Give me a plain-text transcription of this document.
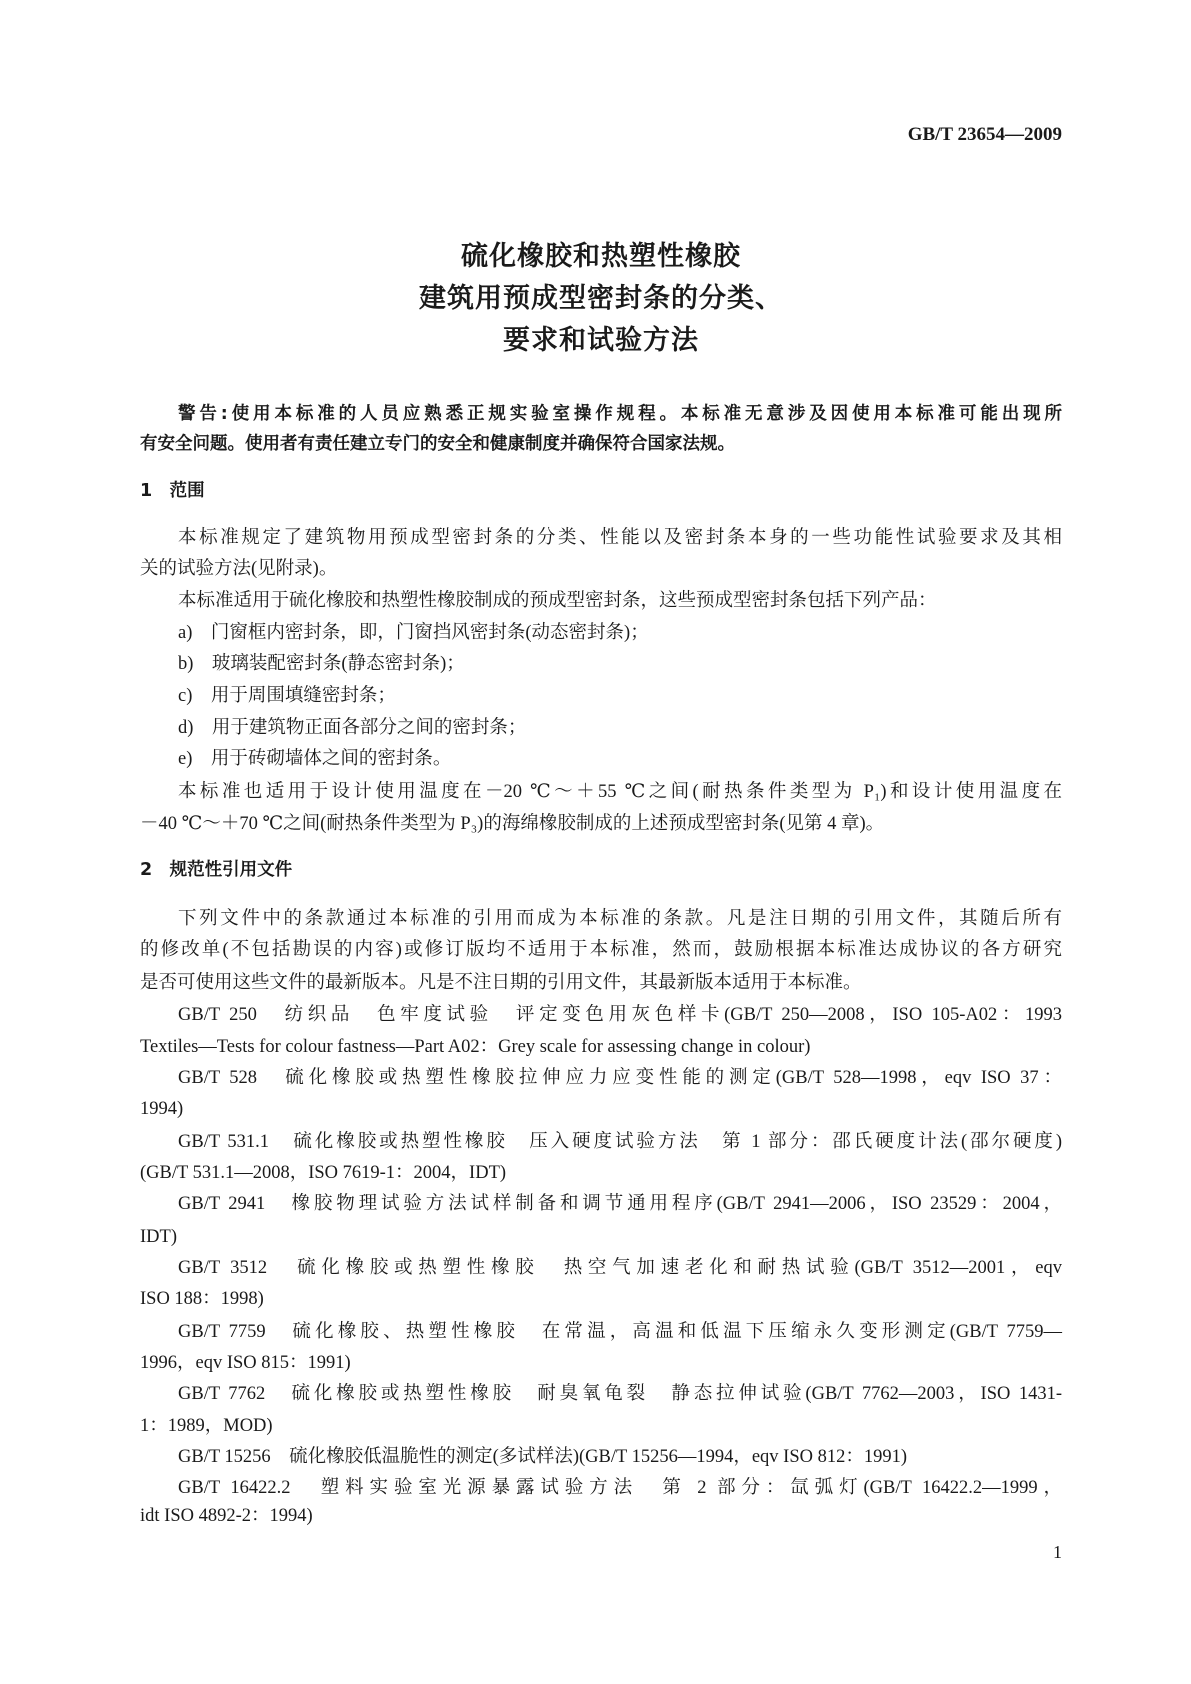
GB/T 23654—2009
硫化橡胶和热塑性橡胶
建筑用预成型密封条的分类、
要求和试验方法
警告:使用本标准的人员应熟悉正规实验室操作规程。本标准无意涉及因使用本标准可能出现所
有安全问题。使用者有责任建立专门的安全和健康制度并确保符合国家法规。
1　范围
本标准规定了建筑物用预成型密封条的分类、性能以及密封条本身的一些功能性试验要求及其相
关的试验方法(见附录)。
本标准适用于硫化橡胶和热塑性橡胶制成的预成型密封条，这些预成型密封条包括下列产品：
a)　门窗框内密封条，即，门窗挡风密封条(动态密封条)；
b)　玻璃装配密封条(静态密封条)；
c)　用于周围填缝密封条；
d)　用于建筑物正面各部分之间的密封条；
e)　用于砖砌墙体之间的密封条。
本标准也适用于设计使用温度在－20 ℃～＋55 ℃之间(耐热条件类型为 P₁)和设计使用温度在
－40 ℃～＋70 ℃之间(耐热条件类型为 P₃)的海绵橡胶制成的上述预成型密封条(见第 4 章)。
2　规范性引用文件
下列文件中的条款通过本标准的引用而成为本标准的条款。凡是注日期的引用文件，其随后所有
的修改单(不包括勘误的内容)或修订版均不适用于本标准，然而，鼓励根据本标准达成协议的各方研究
是否可使用这些文件的最新版本。凡是不注日期的引用文件，其最新版本适用于本标准。
GB/T 250　纺织品　色牢度试验　评定变色用灰色样卡(GB/T 250—2008，ISO 105-A02：1993
Textiles—Tests for colour fastness—Part A02：Grey scale for assessing change in colour)
GB/T 528　硫化橡胶或热塑性橡胶拉伸应力应变性能的测定(GB/T 528—1998，eqv ISO 37：
1994)
GB/T 531.1　硫化橡胶或热塑性橡胶　压入硬度试验方法　第 1 部分：邵氏硬度计法(邵尔硬度)
(GB/T 531.1—2008，ISO 7619-1：2004，IDT)
GB/T 2941　橡胶物理试验方法试样制备和调节通用程序(GB/T 2941—2006，ISO 23529：2004，
IDT)
GB/T 3512　硫化橡胶或热塑性橡胶　热空气加速老化和耐热试验(GB/T 3512—2001，eqv
ISO 188：1998)
GB/T 7759　硫化橡胶、热塑性橡胶　在常温，高温和低温下压缩永久变形测定(GB/T 7759—
1996，eqv ISO 815：1991)
GB/T 7762　硫化橡胶或热塑性橡胶　耐臭氧龟裂　静态拉伸试验(GB/T 7762—2003，ISO 1431-
1：1989，MOD)
GB/T 15256　硫化橡胶低温脆性的测定(多试样法)(GB/T 15256—1994，eqv ISO 812：1991)
GB/T 16422.2　塑料实验室光源暴露试验方法　第 2 部分：氙弧灯(GB/T 16422.2—1999，
idt ISO 4892-2：1994)
1
